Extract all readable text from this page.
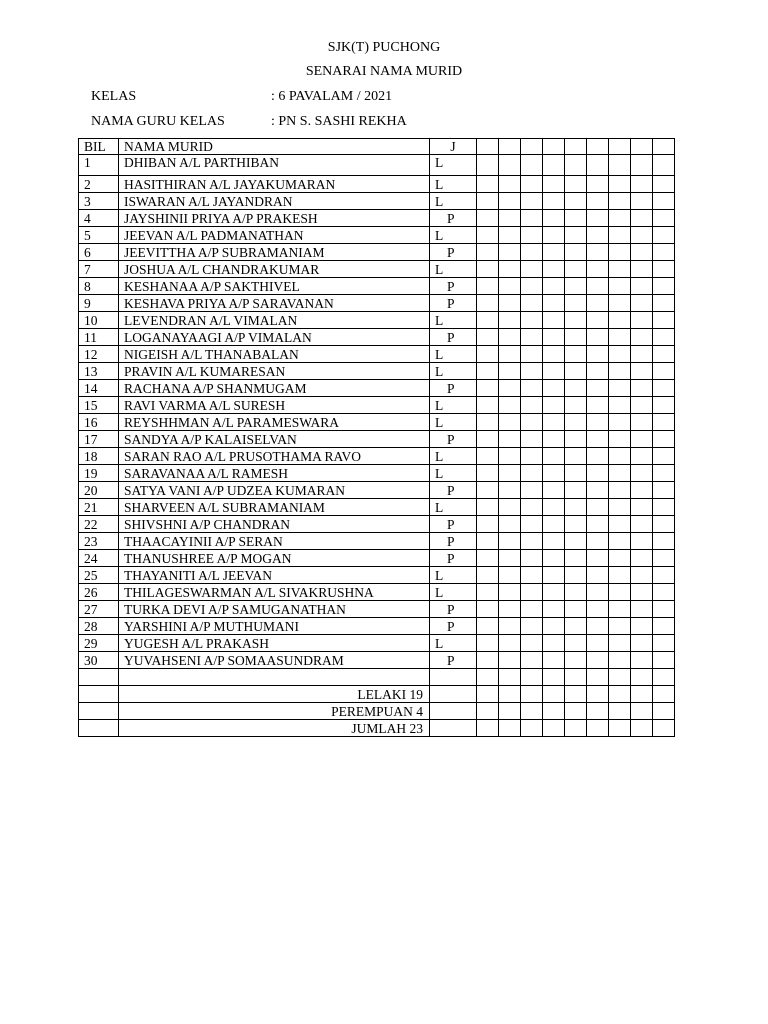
SJK(T) PUCHONG
SENARAI NAMA MURID
KELAS	: 6 PAVALAM / 2021
NAMA GURU KELAS	: PN S. SASHI REKHA
BIL	NAMA MURID	J									
1	DHIBAN A/L PARTHIBAN	L									
2	HASITHIRAN A/L JAYAKUMARAN	L									
3	ISWARAN A/L JAYANDRAN	L									
4	JAYSHINII PRIYA A/P PRAKESH	P									
5	JEEVAN A/L PADMANATHAN	L									
6	JEEVITTHA A/P SUBRAMANIAM	P									
7	JOSHUA A/L CHANDRAKUMAR	L									
8	KESHANAA A/P SAKTHIVEL	P									
9	KESHAVA PRIYA A/P SARAVANAN	P									
10	LEVENDRAN A/L VIMALAN	L									
11	LOGANAYAAGI A/P VIMALAN	P									
12	NIGEISH A/L THANABALAN	L									
13	PRAVIN A/L KUMARESAN	L									
14	RACHANA A/P SHANMUGAM	P									
15	RAVI VARMA A/L SURESH	L									
16	REYSHHMAN A/L PARAMESWARA	L									
17	SANDYA A/P KALAISELVAN	P									
18	SARAN RAO A/L PRUSOTHAMA RAVO	L									
19	SARAVANAA A/L RAMESH	L									
20	SATYA VANI A/P UDZEA KUMARAN	P									
21	SHARVEEN A/L SUBRAMANIAM	L									
22	SHIVSHNI A/P CHANDRAN	P									
23	THAACAYINII A/P SERAN	P									
24	THANUSHREE A/P MOGAN	P									
25	THAYANITI A/L JEEVAN	L									
26	THILAGESWARMAN A/L SIVAKRUSHNA	L									
27	TURKA DEVI A/P SAMUGANATHAN	P									
28	YARSHINI A/P MUTHUMANI	P									
29	YUGESH A/L PRAKASH	L									
30	YUVAHSENI A/P SOMAASUNDRAM	P									

	LELAKI 19										
	PEREMPUAN 4										
	JUMLAH 23										
